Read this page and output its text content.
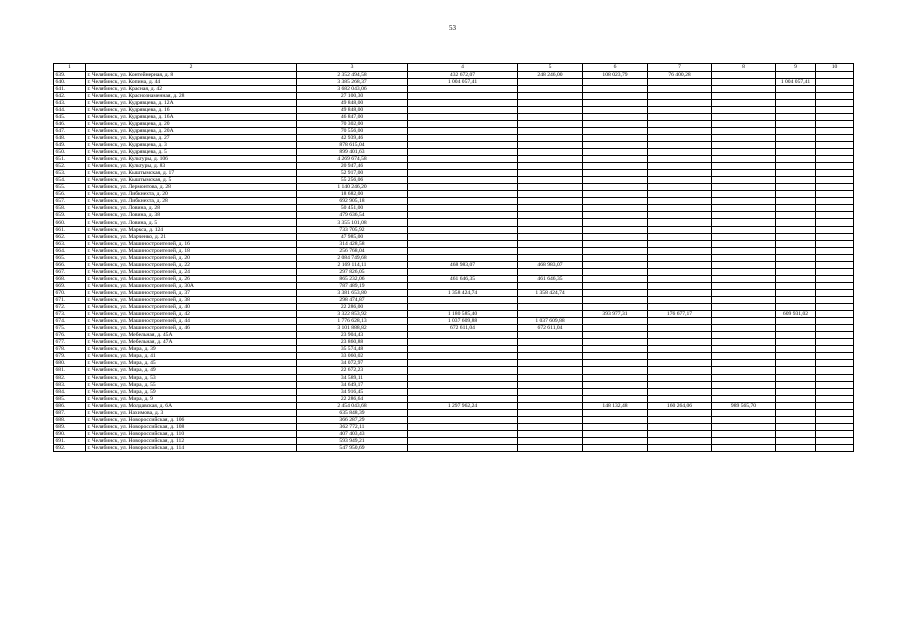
53
1	2	3	4	5	6	7	8	9	10
639.	г. Челябинск, ул. Контейнерная, д. 8	2 352 494,58	432 672,07	248 246,00	108 023,79	76 400,28			
640.	г. Челябинск, ул. Копина, д. 44	3 385 268,37	1 004 057,41					1 004 057,41	
641.	г. Челябинск, ул. Красная, д. 42	3 682 043,06							
642.	г. Челябинск, ул. Краснознаменная, д. 28	27 100,30							
643.	г. Челябинск, ул. Кудрявцева, д. 12А	49 848,00							
644.	г. Челябинск, ул. Кудрявцева, д. 16	49 848,00							
645.	г. Челябинск, ул. Кудрявцева, д. 16А	46 847,00							
646.	г. Челябинск, ул. Кудрявцева, д. 20	70 302,00							
647.	г. Челябинск, ул. Кудрявцева, д. 20А	70 556,00							
648.	г. Челябинск, ул. Кудрявцева, д. 27	42 939,46							
649.	г. Челябинск, ул. Кудрявцева, д. 3	878 615,04							
650.	г. Челябинск, ул. Кудрявцева, д. 5	899 401,63							
651.	г. Челябинск, ул. Культуры, д. 106	4 269 674,58							
652.	г. Челябинск, ул. Культуры, д. 83	20 947,46							
653.	г. Челябинск, ул. Кыштымская, д. 17	52 917,00							
654.	г. Челябинск, ул. Кыштымская, д. 5	55 256,06							
655.	г. Челябинск, ул. Лермонтова, д. 28	1 140 246,20							
656.	г. Челябинск, ул. Либкнехта, д. 20	18 682,00							
657.	г. Челябинск, ул. Либкнехта, д. 28	692 905,18							
658.	г. Челябинск, ул. Ловина, д. 28	50 451,00							
659.	г. Челябинск, ул. Ловина, д. 38	479 636,54							
660.	г. Челябинск, ул. Ловина, д. 5	3 355 101,08							
661.	г. Челябинск, ул. Маркса, д. 124	733 705,92							
662.	г. Челябинск, ул. Марченко, д. 21	47 985,00							
663.	г. Челябинск, ул. Машиностроителей, д. 16	314 428,58							
664.	г. Челябинск, ул. Машиностроителей, д. 18	256 768,04							
665.	г. Челябинск, ул. Машиностроителей, д. 20	2 084 749,68							
666.	г. Челябинск, ул. Машиностроителей, д. 22	2 169 114,11	468 983,07	468 983,07					
667.	г. Челябинск, ул. Машиностроителей, д. 24	297 826,05							
668.	г. Челябинск, ул. Машиностроителей, д. 26	865 232,06	461 646,35	461 646,35					
669.	г. Челябинск, ул. Машиностроителей, д. 30А	787 489,19							
670.	г. Челябинск, ул. Машиностроителей, д. 37	3 381 653,80	1 358 424,74	1 358 424,74					
671.	г. Челябинск, ул. Машиностроителей, д. 38	298 474,87							
672.	г. Челябинск, ул. Машиностроителей, д. 40	22 286,00							
673.	г. Челябинск, ул. Машиностроителей, д. 42	3 322 853,92	1 180 585,40		393 977,31	176 677,17		609 931,02	
674.	г. Челябинск, ул. Машиностроителей, д. 44	1 776 628,13	1 037 609,88	1 037 609,88					
675.	г. Челябинск, ул. Машиностроителей, д. 46	3 101 888,82	672 611,04	672 611,04					
676.	г. Челябинск, ул. Мебельная, д. 45А	23 904,43							
677.	г. Челябинск, ул. Мебельная, д. 47А	23 860,88							
678.	г. Челябинск, ул. Мира, д. 39	35 574,48							
679.	г. Челябинск, ул. Мира, д. 41	33 060,02							
680.	г. Челябинск, ул. Мира, д. 45	34 072,97							
681.	г. Челябинск, ул. Мира, д. 49	22 672,23							
682.	г. Челябинск, ул. Мира, д. 53	34 589,11							
683.	г. Челябинск, ул. Мира, д. 55	34 649,17							
684.	г. Челябинск, ул. Мира, д. 59	34 916,45							
685.	г. Челябинск, ул. Мира, д. 9	22 286,64							
686.	г. Челябинск, ул. Молдавская, д. 6А	2 454 043,68	1 297 962,24		148 132,48	160 264,06	989 565,70		
687.	г. Челябинск, ул. Нахимова, д. 3	635 848,39							
688.	г. Челябинск, ул. Новороссийская, д. 106	366 287,29							
689.	г. Челябинск, ул. Новороссийская, д. 108	362 772,11							
690.	г. Челябинск, ул. Новороссийская, д. 110	407 403,43							
691.	г. Челябинск, ул. Новороссийская, д. 112	593 949,21							
692.	г. Челябинск, ул. Новороссийская, д. 114	547 950,69							
